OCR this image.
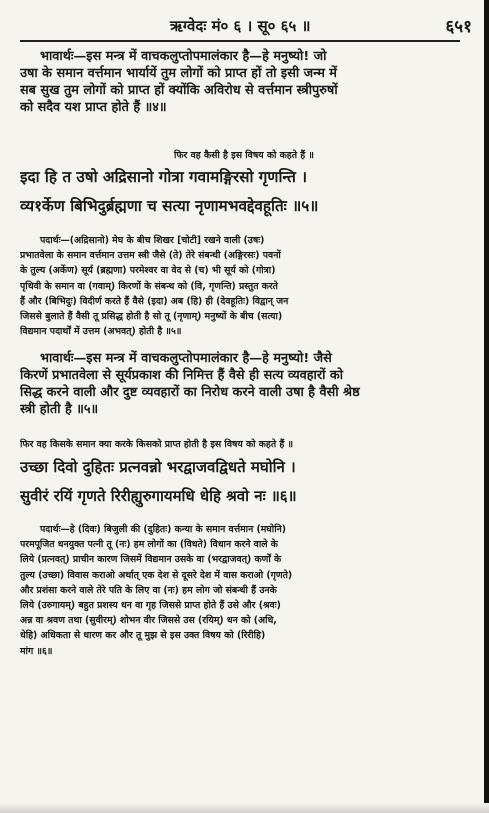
ऋग्वेदः मं० ६ । सू० ६५ ॥	६५१
भावार्थः—इस मन्त्र में वाचकलुप्तोपमालंकार है—हे मनुष्यो! जो
उषा के समान वर्त्तमान भार्यायें तुम लोगों को प्राप्त हों तो इसी जन्म में
सब सुख तुम लोगों को प्राप्त हों क्योंकि अविरोध से वर्त्तमान स्त्रीपुरुषों
को सदैव यश प्राप्त होते हैं ॥४॥
फिर वह कैसी है इस विषय को कहते हैं ॥
इदा हि त उषो अद्रिसानो गोत्रा गवामङ्गिरसो गृणन्ति ।
व्य१र्केण बिभिदुर्ब्रह्मणा च सत्या नृणामभवद्देवहूतिः ॥५॥
पदार्थः—(अद्रिसानो) मेघ के बीच शिखर [चोटी] रखने वाली (उषः)
प्रभातवेला के समान वर्त्तमान उत्तम स्त्री जैसे (ते) तेरे संबन्धी (अङ्गिरसः) पवनों
के तुल्य (अर्केण) सूर्य (ब्रह्मणा) परमेश्वर वा वेद से (च) भी सूर्य को (गोत्रा)
पृथिवी के समान वा (गवाम्) किरणों के संबन्ध को (वि, गृणन्ति) प्रस्तुत करते
हैं और (बिभिदुः) विदीर्ण करते हैं वैसे (इदा) अब (हि) ही (देवहूतिः) विद्वान् जन
जिससे बुलाते हैं वैसी तू प्रसिद्ध होती है सो तू (नृणाम्) मनुष्यों के बीच (सत्या)
विद्यमान पदार्थों में उत्तम (अभवत्) होती है ॥५॥
भावार्थः—इस मन्त्र में वाचकलुप्तोपमालंकार है—हे मनुष्यो! जैसे
किरणें प्रभातवेला से सूर्यप्रकाश की निमित्त हैं वैसे ही सत्य व्यवहारों को
सिद्ध करने वाली और दुष्ट व्यवहारों का निरोध करने वाली उषा है वैसी श्रेष्ठ
स्त्री होती है ॥५॥
फिर वह किसके समान क्या करके किसको प्राप्त होती है इस विषय को कहते हैं ॥
उच्छा दिवो दुहितः प्रत्नवन्नो भरद्वाजवद्विधते मघोनि ।
सुवीरं रयिं गृणते रिरीह्युरुगायमधि धेहि श्रवो नः ॥६॥
पदार्थः—हे (दिवः) बिजुली की (दुहितः) कन्या के समान वर्त्तमान (मघोनि)
परमपूजित धनयुक्त पत्नी तू (नः) हम लोगों का (विधते) विधान करने वाले के
लिये (प्रत्नवत्) प्राचीन कारण जिसमें विद्यमान उसके वा (भरद्वाजवत्) कर्णों के
तुल्य (उच्छा) विवास कराओ अर्थात् एक देश से दूसरे देश में वास कराओ (गृणते)
और प्रशंसा करने वाले तेरे पति के लिए वा (नः) हम लोग जो संबन्धी हैं उनके
लिये (उरुगायम्) बहुत प्रशस्य धन वा गृह जिससे प्राप्त होते हैं उसे और (श्रवः)
अन्न वा श्रवण तथा (सुवीरम्) शोभन वीर जिससे उस (रयिम्) धन को (अधि,
धेहि) अधिकता से धारण कर और तू मुझ से इस उक्त विषय को (रिरीहि)
मांग ॥६॥
